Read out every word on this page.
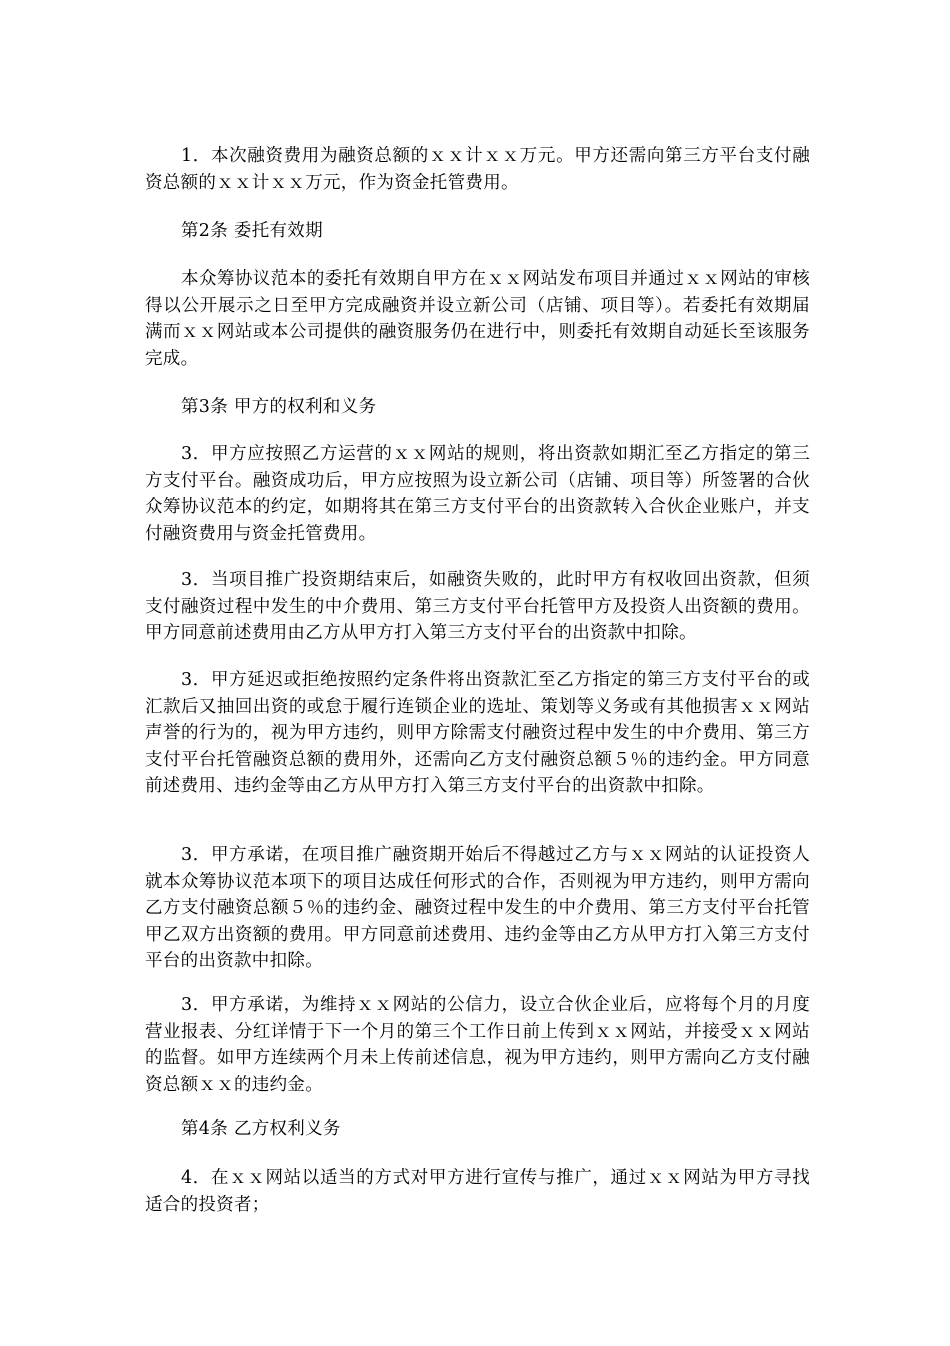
1．本次融资费用为融资总额的ｘｘ计ｘｘ万元。甲方还需向第三方平台支付融资总额的ｘｘ计ｘｘ万元，作为资金托管费用。

第2条 委托有效期

本众筹协议范本的委托有效期自甲方在ｘｘ网站发布项目并通过ｘｘ网站的审核得以公开展示之日至甲方完成融资并设立新公司（店铺、项目等）。若委托有效期届满而ｘｘ网站或本公司提供的融资服务仍在进行中，则委托有效期自动延长至该服务完成。

第3条 甲方的权利和义务

3．甲方应按照乙方运营的ｘｘ网站的规则，将出资款如期汇至乙方指定的第三方支付平台。融资成功后，甲方应按照为设立新公司（店铺、项目等）所签署的合伙众筹协议范本的约定，如期将其在第三方支付平台的出资款转入合伙企业账户，并支付融资费用与资金托管费用。

3．当项目推广投资期结束后，如融资失败的，此时甲方有权收回出资款，但须支付融资过程中发生的中介费用、第三方支付平台托管甲方及投资人出资额的费用。甲方同意前述费用由乙方从甲方打入第三方支付平台的出资款中扣除。

3．甲方延迟或拒绝按照约定条件将出资款汇至乙方指定的第三方支付平台的或汇款后又抽回出资的或怠于履行连锁企业的选址、策划等义务或有其他损害ｘｘ网站声誉的行为的，视为甲方违约，则甲方除需支付融资过程中发生的中介费用、第三方支付平台托管融资总额的费用外，还需向乙方支付融资总额５％的违约金。甲方同意前述费用、违约金等由乙方从甲方打入第三方支付平台的出资款中扣除。

3．甲方承诺，在项目推广融资期开始后不得越过乙方与ｘｘ网站的认证投资人就本众筹协议范本项下的项目达成任何形式的合作，否则视为甲方违约，则甲方需向乙方支付融资总额５％的违约金、融资过程中发生的中介费用、第三方支付平台托管甲乙双方出资额的费用。甲方同意前述费用、违约金等由乙方从甲方打入第三方支付平台的出资款中扣除。

3．甲方承诺，为维持ｘｘ网站的公信力，设立合伙企业后，应将每个月的月度营业报表、分红详情于下一个月的第三个工作日前上传到ｘｘ网站，并接受ｘｘ网站的监督。如甲方连续两个月未上传前述信息，视为甲方违约，则甲方需向乙方支付融资总额ｘｘ的违约金。

第4条 乙方权利义务

4．在ｘｘ网站以适当的方式对甲方进行宣传与推广，通过ｘｘ网站为甲方寻找适合的投资者；
